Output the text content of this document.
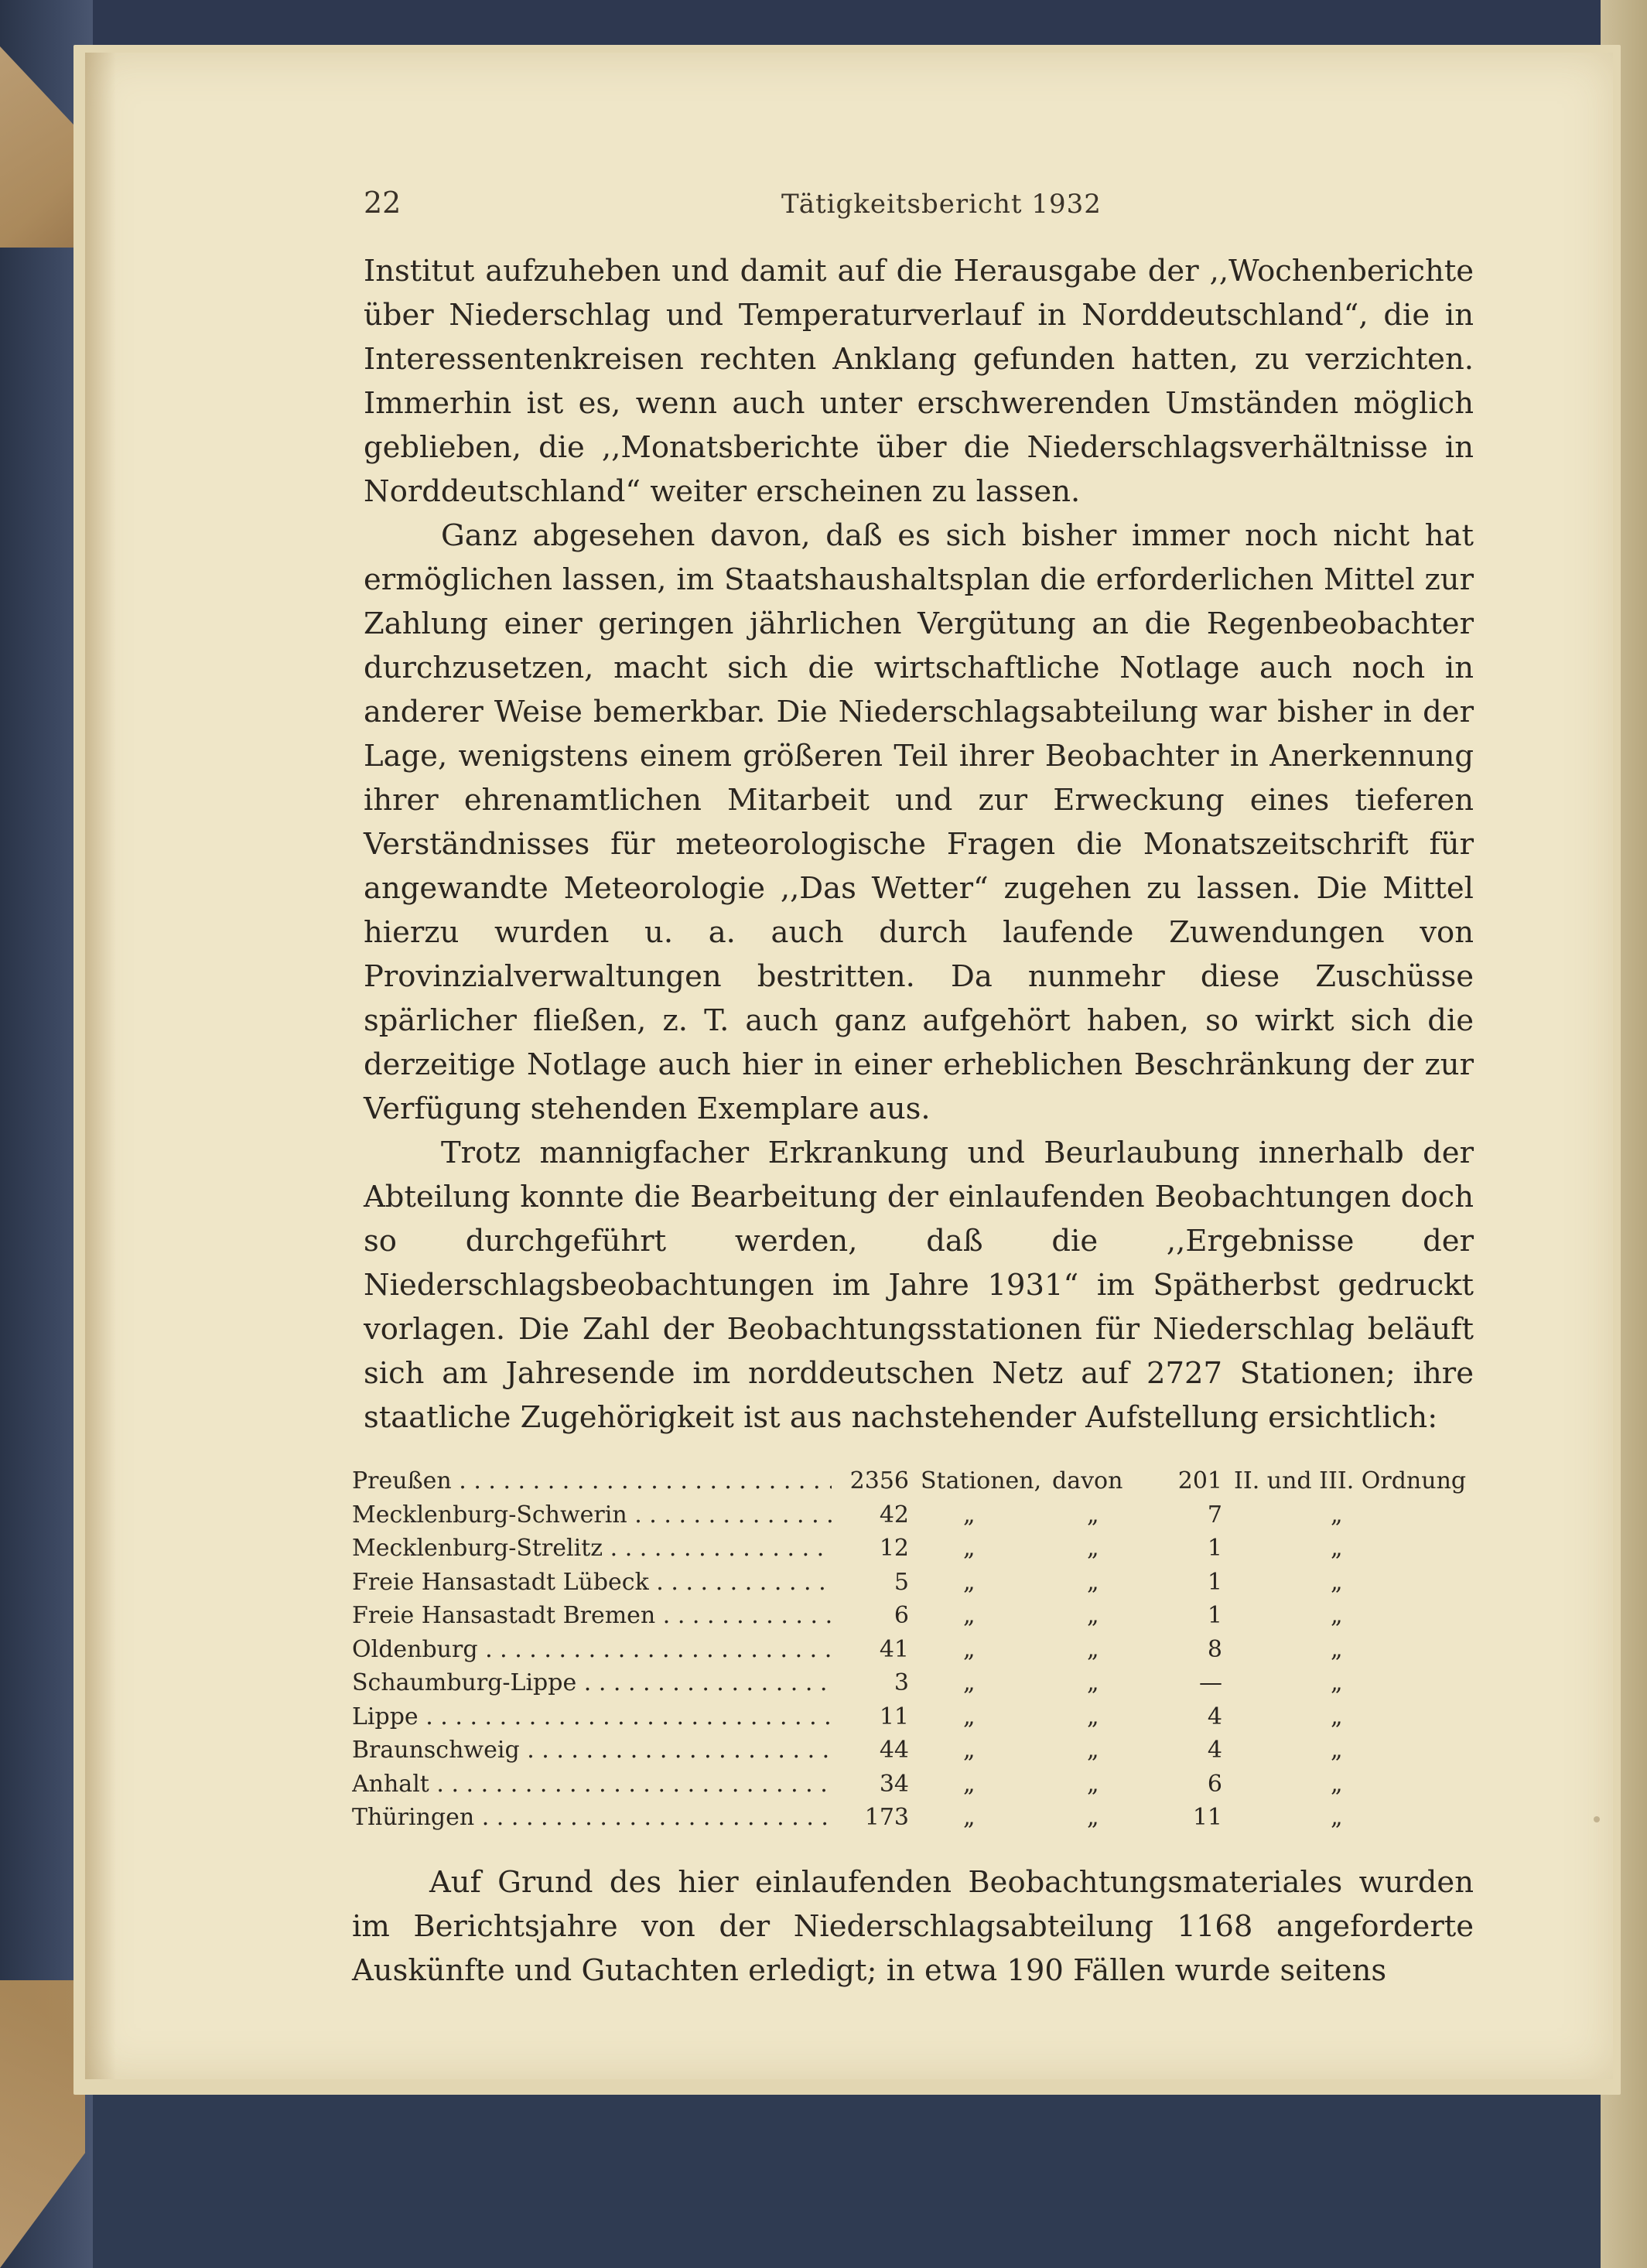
22	Tätigkeitsbericht 1932

Institut aufzuheben und damit auf die Herausgabe der ,,Wochenberichte über Niederschlag und Temperaturverlauf in Norddeutschland“, die in Interessentenkreisen rechten Anklang gefunden hatten, zu verzichten. Immerhin ist es, wenn auch unter erschwerenden Umständen möglich geblieben, die ,,Monatsberichte über die Niederschlagsverhältnisse in Norddeutschland“ weiter erscheinen zu lassen.

Ganz abgesehen davon, daß es sich bisher immer noch nicht hat ermöglichen lassen, im Staatshaushaltsplan die erforderlichen Mittel zur Zahlung einer geringen jährlichen Vergütung an die Regenbeobachter durchzusetzen, macht sich die wirtschaftliche Notlage auch noch in anderer Weise bemerkbar. Die Niederschlagsabteilung war bisher in der Lage, wenigstens einem größeren Teil ihrer Beobachter in Anerkennung ihrer ehrenamtlichen Mitarbeit und zur Erweckung eines tieferen Verständnisses für meteorologische Fragen die Monatszeitschrift für angewandte Meteorologie ,,Das Wetter“ zugehen zu lassen. Die Mittel hierzu wurden u. a. auch durch laufende Zuwendungen von Provinzialverwaltungen bestritten. Da nunmehr diese Zuschüsse spärlicher fließen, z. T. auch ganz aufgehört haben, so wirkt sich die derzeitige Notlage auch hier in einer erheblichen Beschränkung der zur Verfügung stehenden Exemplare aus.

Trotz mannigfacher Erkrankung und Beurlaubung innerhalb der Abteilung konnte die Bearbeitung der einlaufenden Beobachtungen doch so durchgeführt werden, daß die ,,Ergebnisse der Niederschlagsbeobachtungen im Jahre 1931“ im Spätherbst gedruckt vorlagen. Die Zahl der Beobachtungsstationen für Niederschlag beläuft sich am Jahresende im norddeutschen Netz auf 2727 Stationen; ihre staatliche Zugehörigkeit ist aus nachstehender Aufstellung ersichtlich:

Preußen . . .	2356 Stationen, davon	201 II. und III. Ordnung
Mecklenburg-Schwerin . . .	42 „	„	7	„
Mecklenburg-Strelitz . . .	12 „	„	1	„
Freie Hansastadt Lübeck . . .	5 „	„	1	„
Freie Hansastadt Bremen . . .	6 „	„	1	„
Oldenburg . . .	41 „	„	8	„
Schaumburg-Lippe . . .	3 „	„	—	„
Lippe . . .	11 „	„	4	„
Braunschweig . . .	44 „	„	4	„
Anhalt . . .	34 „	„	6	„
Thüringen . . .	173 „	„	11	„
Auf Grund des hier einlaufenden Beobachtungsmateriales wurden im Berichtsjahre von der Niederschlagsabteilung 1168 angeforderte Auskünfte und Gutachten erledigt; in etwa 190 Fällen wurde seitens
